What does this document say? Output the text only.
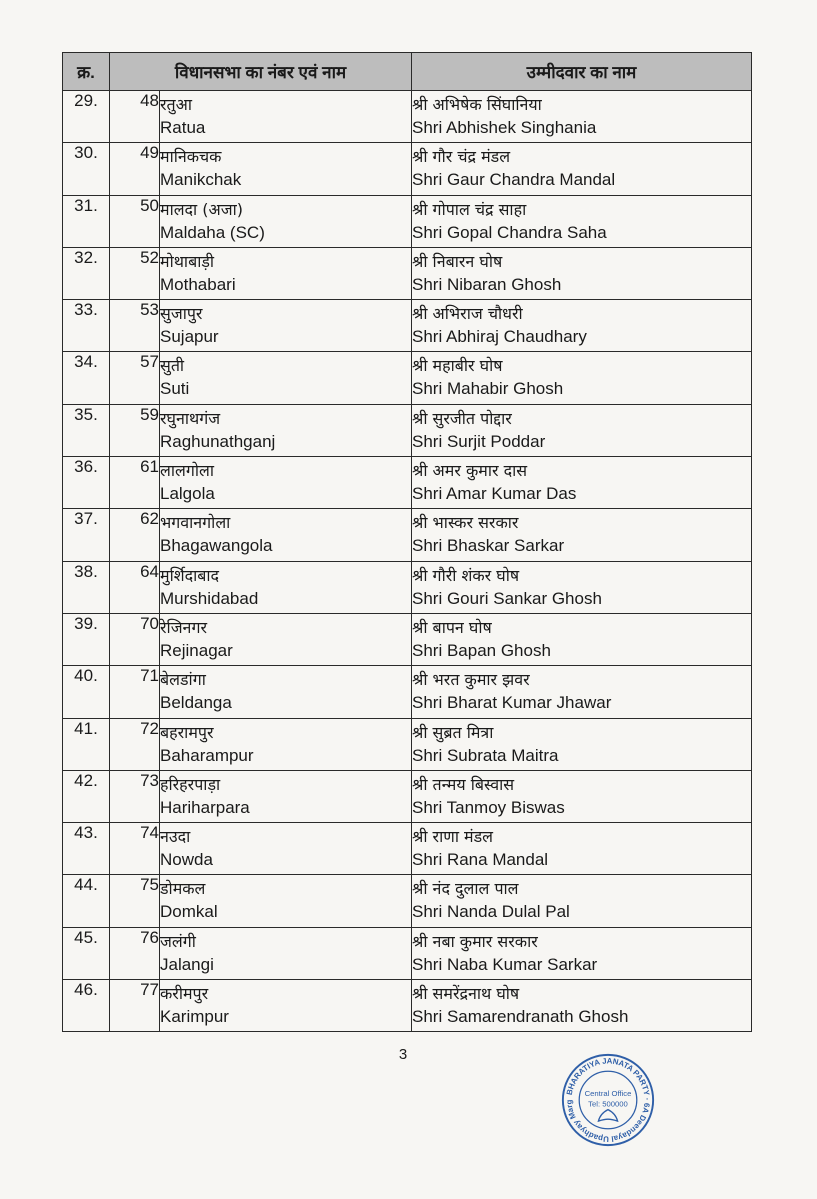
क्र.	विधानसभा का नंबर एवं नाम		उम्मीदवार का नाम
29.	48	रतुआ
Ratua	श्री अभिषेक सिंघानिया
Shri Abhishek Singhania

30.	49	मानिकचक
Manikchak	श्री गौर चंद्र मंडल
Shri Gaur Chandra Mandal

31.	50	मालदा (अजा)
Maldaha (SC)	श्री गोपाल चंद्र साहा
Shri Gopal Chandra Saha

32.	52	मोथाबाड़ी
Mothabari	श्री निबारन घोष
Shri Nibaran Ghosh

33.	53	सुजापुर
Sujapur	श्री अभिराज चौधरी
Shri Abhiraj Chaudhary

34.	57	सुती
Suti	श्री महाबीर घोष
Shri Mahabir Ghosh

35.	59	रघुनाथगंज
Raghunathganj	श्री सुरजीत पोद्दार
Shri Surjit Poddar

36.	61	लालगोला
Lalgola	श्री अमर कुमार दास
Shri Amar Kumar Das

37.	62	भगवानगोला
Bhagawangola	श्री भास्कर सरकार
Shri Bhaskar Sarkar

38.	64	मुर्शिदाबाद
Murshidabad	श्री गौरी शंकर घोष
Shri Gouri Sankar Ghosh

39.	70	रेजिनगर
Rejinagar	श्री बापन घोष
Shri Bapan Ghosh

40.	71	बेलडांगा
Beldanga	श्री भरत कुमार झवर
Shri Bharat Kumar Jhawar

41.	72	बहरामपुर
Baharampur	श्री सुब्रत मित्रा
Shri Subrata Maitra

42.	73	हरिहरपाड़ा
Hariharpara	श्री तन्मय बिस्वास
Shri Tanmoy Biswas

43.	74	नउदा
Nowda	श्री राणा मंडल
Shri Rana Mandal

44.	75	डोमकल
Domkal	श्री नंद दुलाल पाल
Shri Nanda Dulal Pal

45.	76	जलंगी
Jalangi	श्री नबा कुमार सरकार
Shri Naba Kumar Sarkar

46.	77	करीमपुर
Karimpur	श्री समरेंद्रनाथ घोष
Shri Samarendranath Ghosh
3
BHARATIYA JANATA PARTY · 6A Deendayal Upadhyay Marg
Central Office
Tel: 500000
